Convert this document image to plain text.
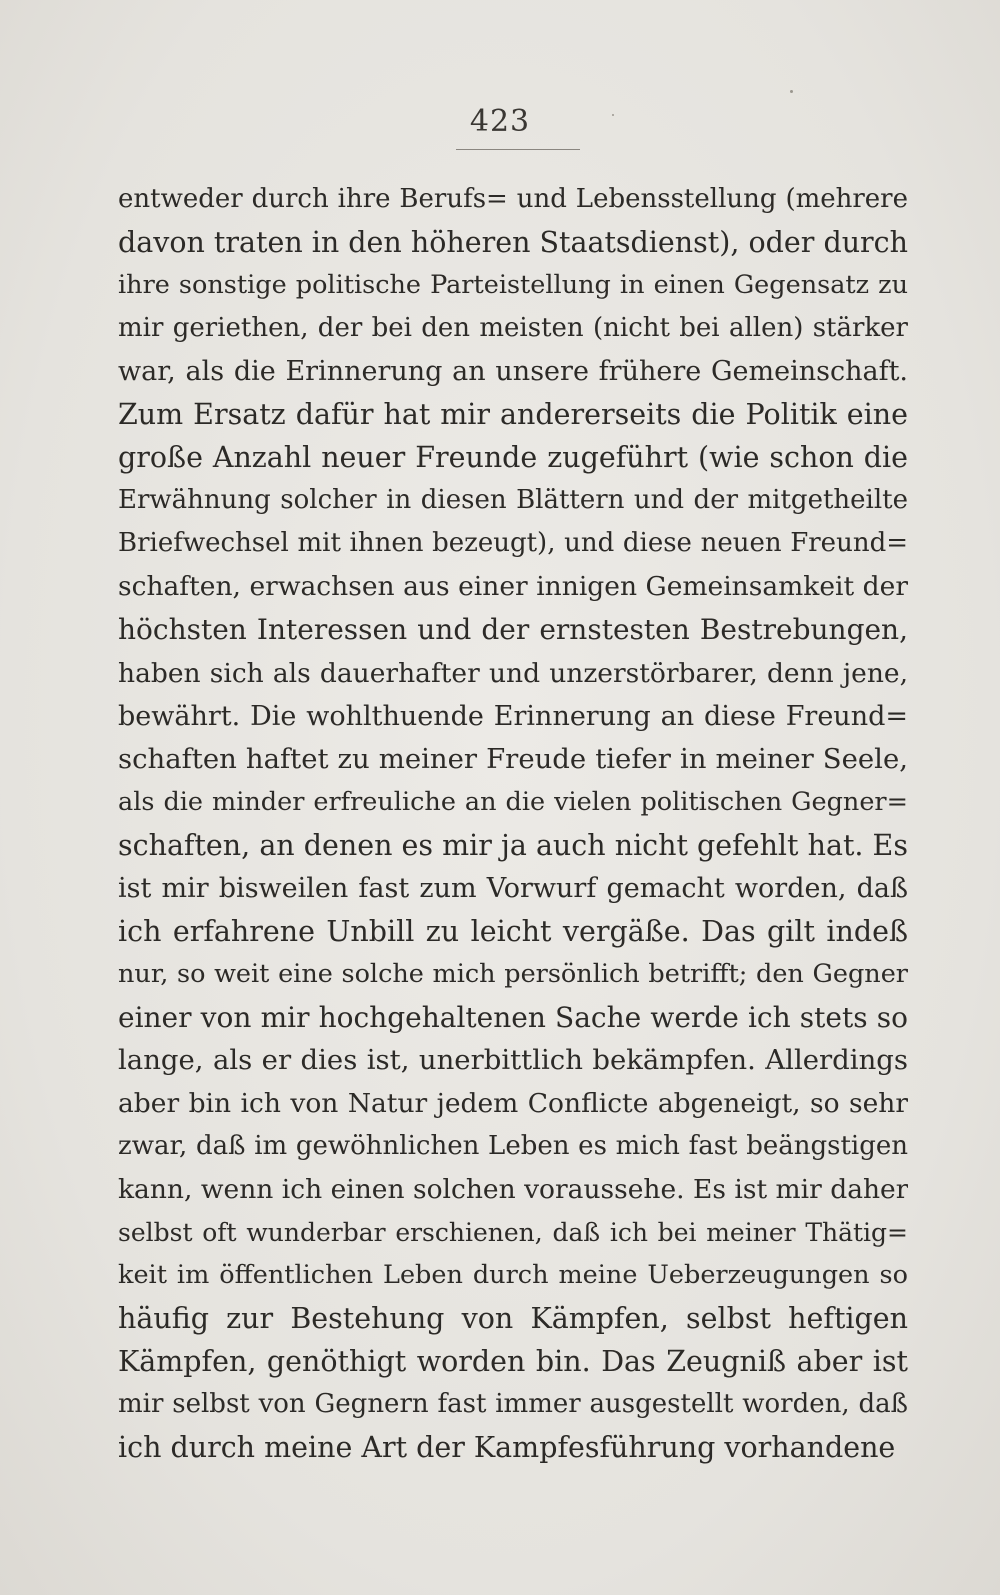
423
entweder durch ihre Berufs= und Lebensstellung (mehrere
davon traten in den höheren Staatsdienst), oder durch
ihre sonstige politische Parteistellung in einen Gegensatz zu
mir geriethen, der bei den meisten (nicht bei allen) stärker
war, als die Erinnerung an unsere frühere Gemeinschaft.
Zum Ersatz dafür hat mir andererseits die Politik eine
große Anzahl neuer Freunde zugeführt (wie schon die
Erwähnung solcher in diesen Blättern und der mitgetheilte
Briefwechsel mit ihnen bezeugt), und diese neuen Freund=
schaften, erwachsen aus einer innigen Gemeinsamkeit der
höchsten Interessen und der ernstesten Bestrebungen,
haben sich als dauerhafter und unzerstörbarer, denn jene,
bewährt. Die wohlthuende Erinnerung an diese Freund=
schaften haftet zu meiner Freude tiefer in meiner Seele,
als die minder erfreuliche an die vielen politischen Gegner=
schaften, an denen es mir ja auch nicht gefehlt hat. Es
ist mir bisweilen fast zum Vorwurf gemacht worden, daß
ich erfahrene Unbill zu leicht vergäße. Das gilt indeß
nur, so weit eine solche mich persönlich betrifft; den Gegner
einer von mir hochgehaltenen Sache werde ich stets so
lange, als er dies ist, unerbittlich bekämpfen. Allerdings
aber bin ich von Natur jedem Conflicte abgeneigt, so sehr
zwar, daß im gewöhnlichen Leben es mich fast beängstigen
kann, wenn ich einen solchen voraussehe. Es ist mir daher
selbst oft wunderbar erschienen, daß ich bei meiner Thätig=
keit im öffentlichen Leben durch meine Ueberzeugungen so
häufig zur Bestehung von Kämpfen, selbst heftigen
Kämpfen, genöthigt worden bin. Das Zeugniß aber ist
mir selbst von Gegnern fast immer ausgestellt worden, daß
ich durch meine Art der Kampfesführung vorhandene
